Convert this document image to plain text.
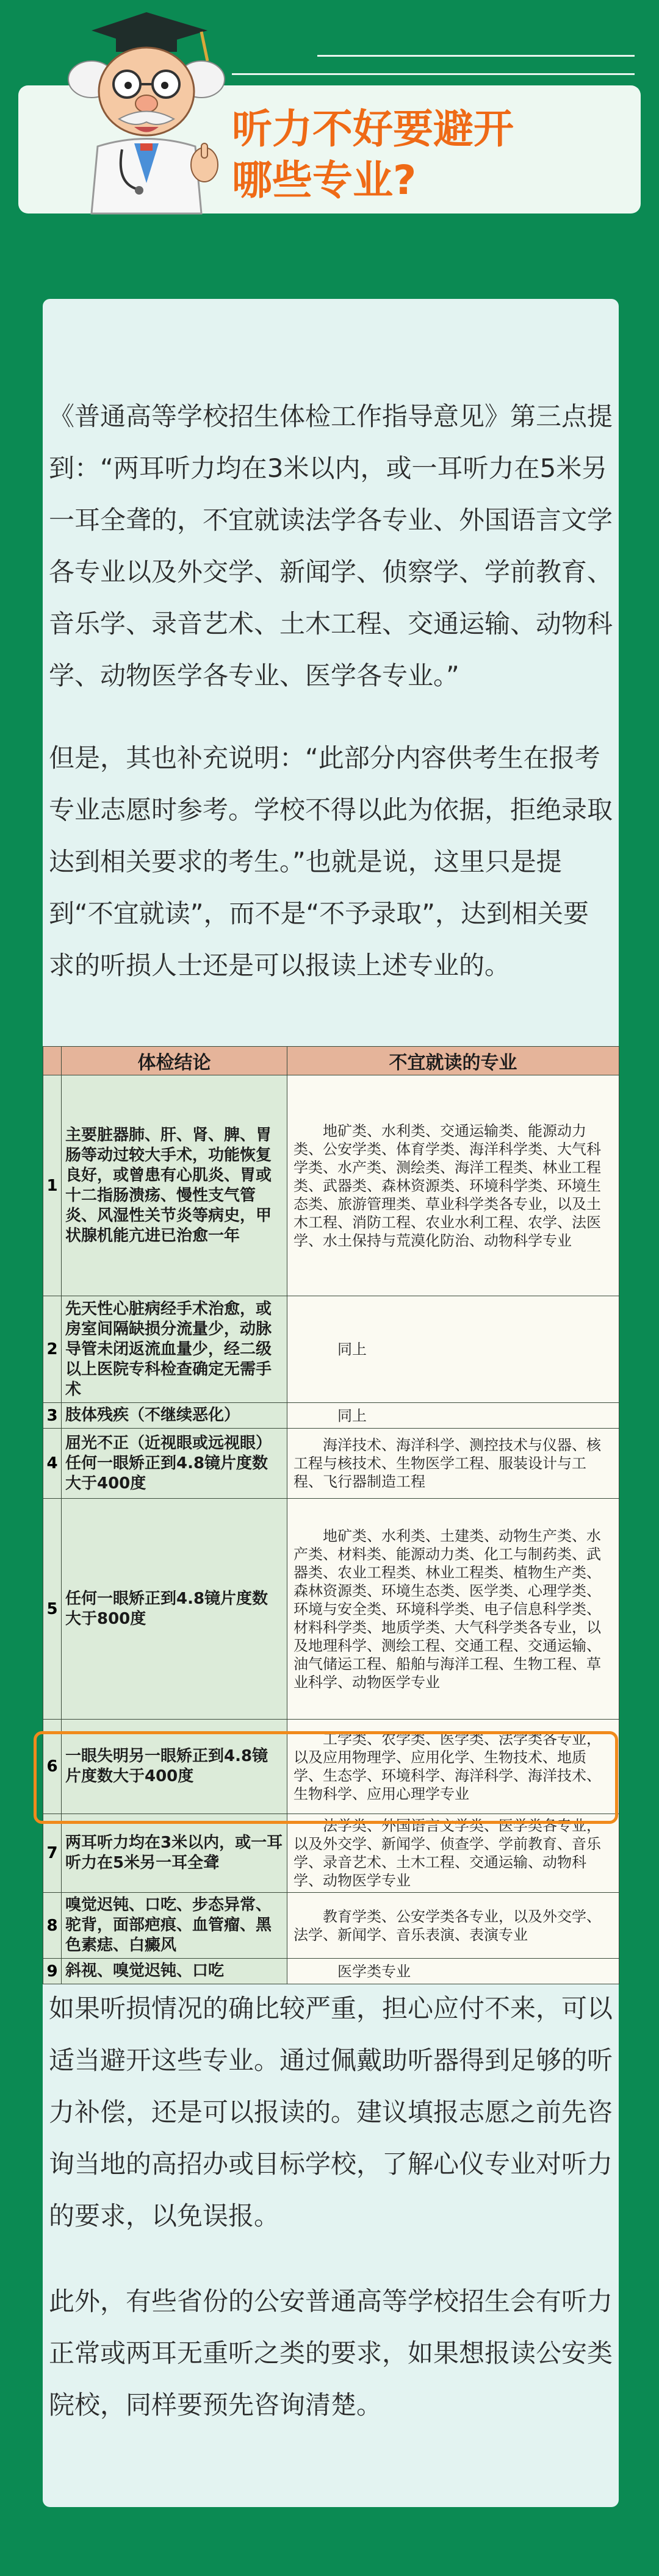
听力不好要避开
哪些专业?

《普通高等学校招生体检工作指导意见》第三点提到：“两耳听力均在3米以内，或一耳听力在5米另一耳全聋的，不宜就读法学各专业、外国语言文学各专业以及外交学、新闻学、侦察学、学前教育、音乐学、录音艺术、土木工程、交通运输、动物科学、动物医学各专业、医学各专业。”

但是，其也补充说明：“此部分内容供考生在报考专业志愿时参考。学校不得以此为依据，拒绝录取达到相关要求的考生。”也就是说，这里只是提到“不宜就读”，而不是“不予录取”，达到相关要求的听损人士还是可以报读上述专业的。

	体检结论	不宜就读的专业
1	主要脏器肺、肝、肾、脾、胃肠等动过较大手术，功能恢复良好，或曾患有心肌炎、胃或十二指肠溃疡、慢性支气管炎、风湿性关节炎等病史，甲状腺机能亢进已治愈一年	地矿类、水利类、交通运输类、能源动力类、公安学类、体育学类、海洋科学类、大气科学类、水产类、测绘类、海洋工程类、林业工程类、武器类、森林资源类、环境科学类、环境生态类、旅游管理类、草业科学类各专业，以及土木工程、消防工程、农业水利工程、农学、法医学、水土保持与荒漠化防治、动物科学专业
2	先天性心脏病经手术治愈，或房室间隔缺损分流量少，动脉导管未闭返流血量少，经二级以上医院专科检查确定无需手术	同上
3	肢体残疾（不继续恶化）	同上
4	屈光不正（近视眼或远视眼）任何一眼矫正到4.8镜片度数大于400度	海洋技术、海洋科学、测控技术与仪器、核工程与核技术、生物医学工程、服装设计与工程、飞行器制造工程
5	任何一眼矫正到4.8镜片度数大于800度	地矿类、水利类、土建类、动物生产类、水产类、材料类、能源动力类、化工与制药类、武器类、农业工程类、林业工程类、植物生产类、森林资源类、环境生态类、医学类、心理学类、环境与安全类、环境科学类、电子信息科学类、材料科学类、地质学类、大气科学类各专业，以及地理科学、测绘工程、交通工程、交通运输、油气储运工程、船舶与海洋工程、生物工程、草业科学、动物医学专业
6	一眼失明另一眼矫正到4.8镜片度数大于400度	工学类、农学类、医学类、法学类各专业，以及应用物理学、应用化学、生物技术、地质学、生态学、环境科学、海洋科学、海洋技术、生物科学、应用心理学专业
7	两耳听力均在3米以内，或一耳听力在5米另一耳全聋	法学类、外国语言文学类、医学类各专业，以及外交学、新闻学、侦查学、学前教育、音乐学、录音艺术、土木工程、交通运输、动物科学、动物医学专业
8	嗅觉迟钝、口吃、步态异常、驼背，面部疤痕、血管瘤、黑色素痣、白癜风	教育学类、公安学类各专业，以及外交学、法学、新闻学、音乐表演、表演专业
9	斜视、嗅觉迟钝、口吃	医学类专业

如果听损情况的确比较严重，担心应付不来，可以适当避开这些专业。通过佩戴助听器得到足够的听力补偿，还是可以报读的。建议填报志愿之前先咨询当地的高招办或目标学校，了解心仪专业对听力的要求，以免误报。

此外，有些省份的公安普通高等学校招生会有听力正常或两耳无重听之类的要求，如果想报读公安类院校，同样要预先咨询清楚。
